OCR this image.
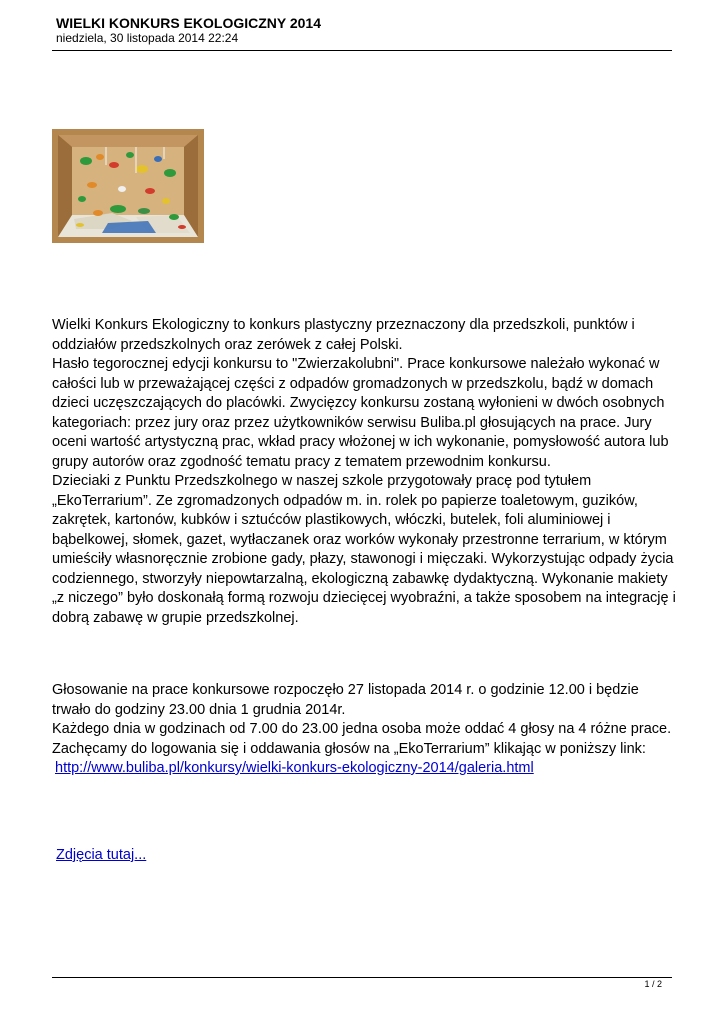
WIELKI KONKURS EKOLOGICZNY 2014
niedziela, 30 listopada 2014 22:24

Wielki Konkurs Ekologiczny to konkurs plastyczny przeznaczony dla przedszkoli, punktów i oddziałów przedszkolnych oraz zerówek z całej Polski.

Hasło tegorocznej edycji konkursu to "Zwierzakolubni". Prace konkursowe należało wykonać w całości lub w przeważającej części z odpadów gromadzonych w przedszkolu, bądź w domach dzieci uczęszczających do placówki. Zwycięzcy konkursu zostaną wyłonieni w dwóch osobnych kategoriach: przez jury oraz przez użytkowników serwisu Buliba.pl głosujących na prace. Jury oceni wartość artystyczną prac, wkład pracy włożonej w ich wykonanie, pomysłowość autora lub grupy autorów oraz zgodność tematu pracy z tematem przewodnim konkursu.

Dzieciaki z Punktu Przedszkolnego w naszej szkole przygotowały pracę pod tytułem „EkoTerrarium”. Ze zgromadzonych odpadów m. in. rolek po papierze toaletowym, guzików, zakrętek, kartonów, kubków i sztućców plastikowych, włóczki, butelek, foli aluminiowej i bąbelkowej, słomek, gazet, wytłaczanek oraz worków wykonały przestronne terrarium, w którym umieściły własnoręcznie zrobione gady, płazy, stawonogi i mięczaki. Wykorzystując odpady życia codziennego, stworzyły niepowtarzalną, ekologiczną zabawkę dydaktyczną. Wykonanie makiety „z niczego” było doskonałą formą rozwoju dziecięcej wyobraźni, a także sposobem na integrację i dobrą zabawę w grupie przedszkolnej.

Głosowanie na prace konkursowe rozpoczęło 27 listopada 2014 r. o godzinie 12.00 i będzie trwało do godziny 23.00 dnia 1 grudnia 2014r.

Każdego dnia w godzinach od 7.00 do 23.00 jedna osoba może oddać 4 głosy na 4 różne prace.

Zachęcamy do logowania się i oddawania głosów na „EkoTerrarium” klikając w poniższy link:

http://www.buliba.pl/konkursy/wielki-konkurs-ekologiczny-2014/galeria.html

Zdjęcia tutaj...
1 / 2
